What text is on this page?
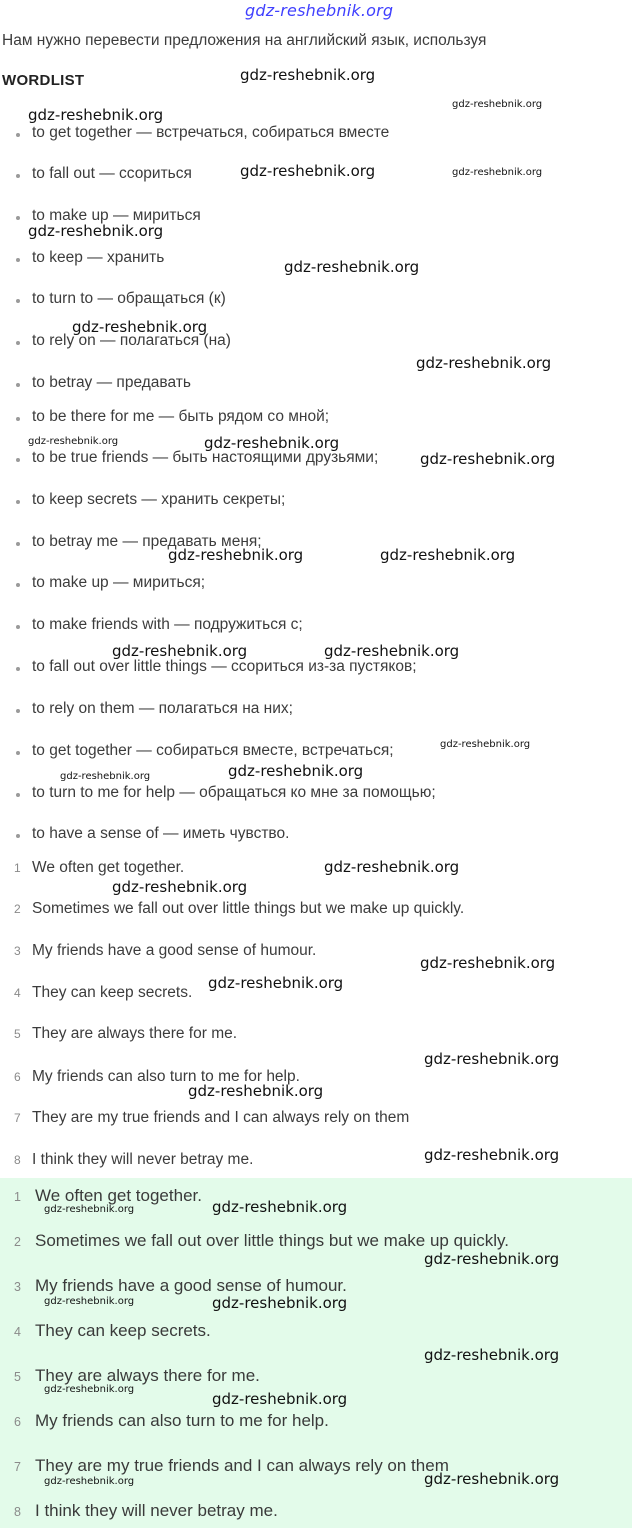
gdz-reshebnik.org
Нам нужно перевести предложения на английский язык, используя
WORDLIST
to get together — встречаться, собираться вместе
to fall out — ссориться
to make up — мириться
to keep — хранить
to turn to — обращаться (к)
to rely on — полагаться (на)
to betray — предавать
to be there for me — быть рядом со мной;
to be true friends — быть настоящими друзьями;
to keep secrets — хранить секреты;
to betray me — предавать меня;
to make up — мириться;
to make friends with — подружиться с;
to fall out over little things — ссориться из-за пустяков;
to rely on them — полагаться на них;
to get together — собираться вместе, встречаться;
to turn to me for help — обращаться ко мне за помощью;
to have a sense of — иметь чувство.
1 We often get together.
2 Sometimes we fall out over little things but we make up quickly.
3 My friends have a good sense of humour.
4 They can keep secrets.
5 They are always there for me.
6 My friends can also turn to me for help.
7 They are my true friends and I can always rely on them
8 I think they will never betray me.
1 We often get together.
2 Sometimes we fall out over little things but we make up quickly.
3 My friends have a good sense of humour.
4 They can keep secrets.
5 They are always there for me.
6 My friends can also turn to me for help.
7 They are my true friends and I can always rely on them
8 I think they will never betray me.
gdz-reshebnik.org
gdz-reshebnik.org
gdz-reshebnik.org
gdz-reshebnik.org	gdz-reshebnik.org
gdz-reshebnik.org
gdz-reshebnik.org
gdz-reshebnik.org
gdz-reshebnik.org
gdz-reshebnik.org	gdz-reshebnik.org
gdz-reshebnik.org
gdz-reshebnik.org	gdz-reshebnik.org
gdz-reshebnik.org	gdz-reshebnik.org
gdz-reshebnik.org
gdz-reshebnik.org	gdz-reshebnik.org
gdz-reshebnik.org
gdz-reshebnik.org
gdz-reshebnik.org
gdz-reshebnik.org
gdz-reshebnik.org
gdz-reshebnik.org
gdz-reshebnik.org
gdz-reshebnik.org	gdz-reshebnik.org
gdz-reshebnik.org
gdz-reshebnik.org	gdz-reshebnik.org
gdz-reshebnik.org
gdz-reshebnik.org
gdz-reshebnik.org
gdz-reshebnik.org	gdz-reshebnik.org
